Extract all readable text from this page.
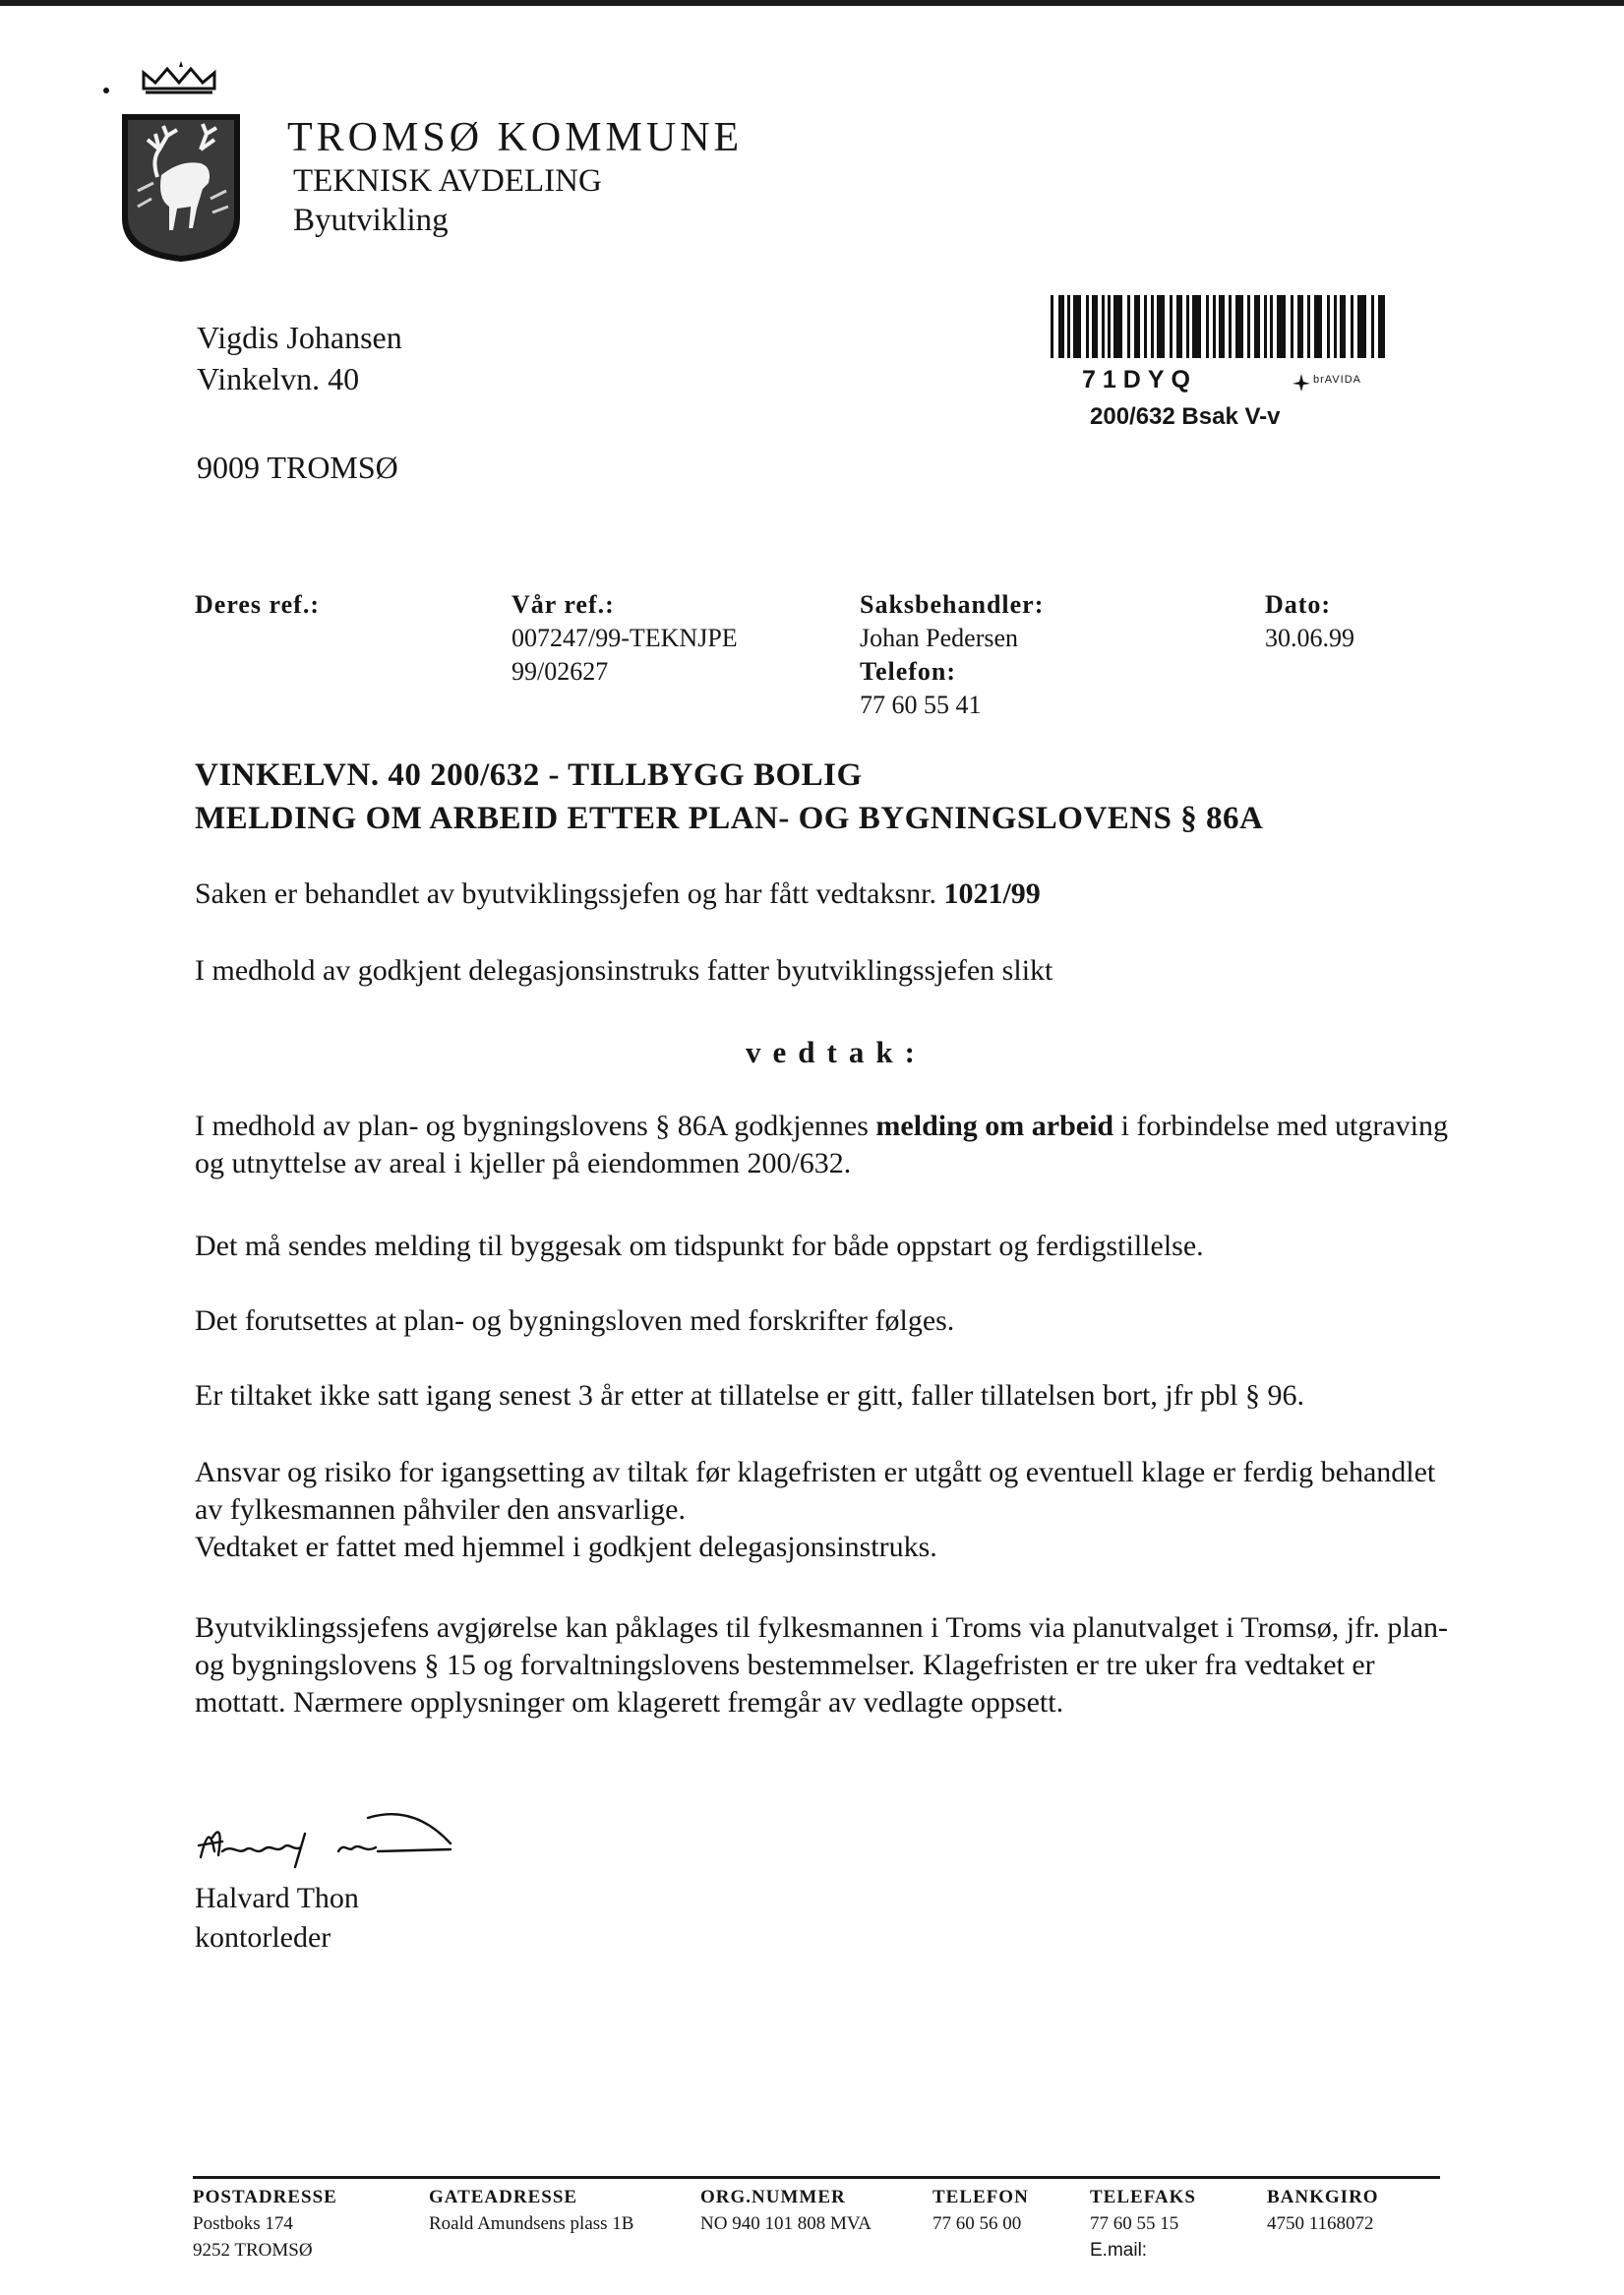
TROMSØ KOMMUNE
TEKNISK AVDELING
Byutvikling
Vigdis Johansen
Vinkelvn. 40
9009 TROMSØ
71DYQ
200/632 Bsak V-v
brAVIDA
Deres ref.:	Vår ref.:
007247/99-TEKNJPE
99/02627
Saksbehandler:
Johan Pedersen
Telefon:
77 60 55 41
Dato:
30.06.99
VINKELVN. 40 200/632 - TILLBYGG BOLIG
MELDING OM ARBEID ETTER PLAN- OG BYGNINGSLOVENS § 86A
Saken er behandlet av byutviklingssjefen og har fått vedtaksnr. 1021/99
I medhold av godkjent delegasjonsinstruks fatter byutviklingssjefen slikt
vedtak:
I medhold av plan- og bygningslovens § 86A godkjennes melding om arbeid i forbindelse med utgraving og utnyttelse av areal i kjeller på eiendommen 200/632.
Det må sendes melding til byggesak om tidspunkt for både oppstart og ferdigstillelse.
Det forutsettes at plan- og bygningsloven med forskrifter følges.
Er tiltaket ikke satt igang senest 3 år etter at tillatelse er gitt, faller tillatelsen bort, jfr pbl § 96.

Ansvar og risiko for igangsetting av tiltak før klagefristen er utgått og eventuell klage er ferdig behandlet av fylkesmannen påhviler den ansvarlige.

Vedtaket er fattet med hjemmel i godkjent delegasjonsinstruks.

Byutviklingssjefens avgjørelse kan påklages til fylkesmannen i Troms via planutvalget i Tromsø, jfr. plan- og bygningslovens § 15 og forvaltningslovens bestemmelser. Klagefristen er tre uker fra vedtaket er mottatt. Nærmere opplysninger om klagerett fremgår av vedlagte oppsett.
Halvard Thon
kontorleder
POSTADRESSE
Postboks 174
9252 TROMSØ
GATEADRESSE
Roald Amundsens plass 1B
ORG.NUMMER
NO 940 101 808 MVA
TELEFON
77 60 56 00
TELEFAKS
77 60 55 15
E.mail:
BANKGIRO
4750 1168072
